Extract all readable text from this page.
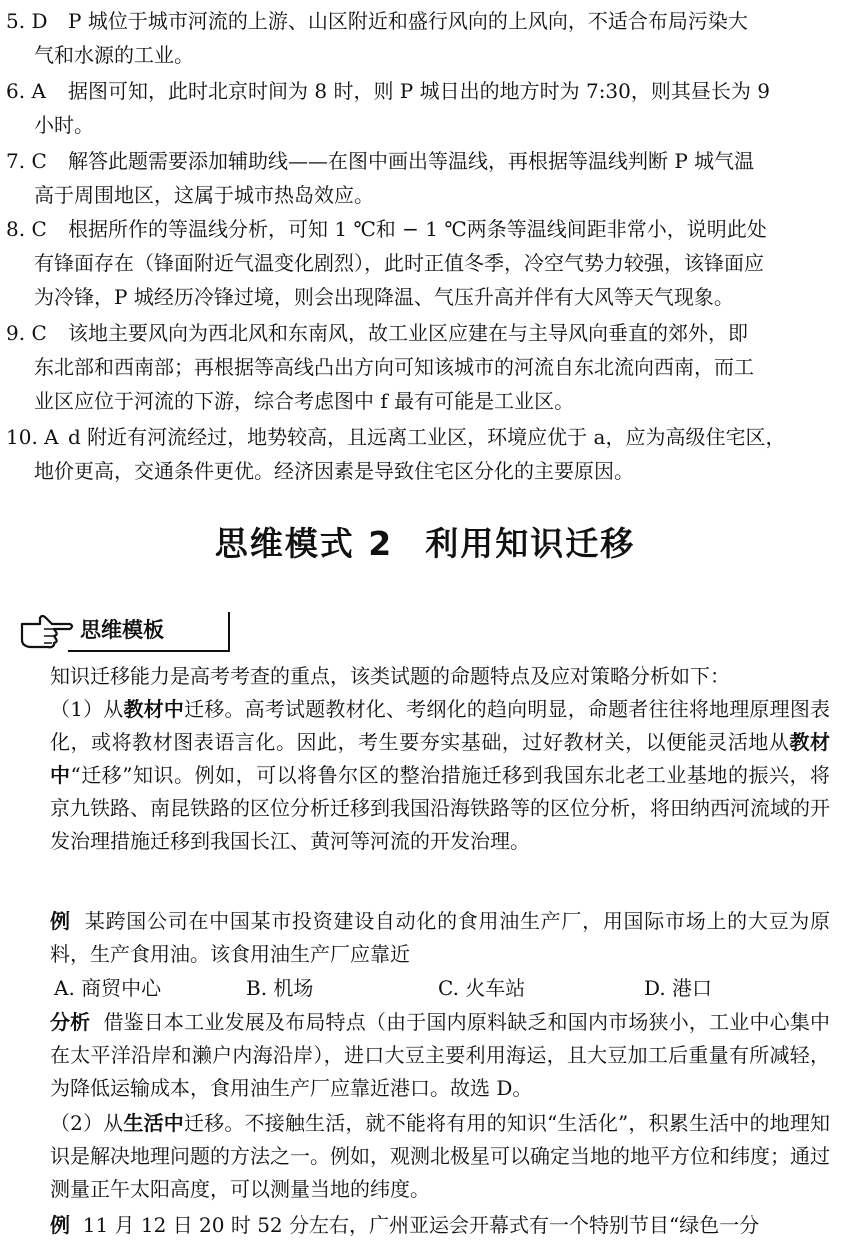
5. D P 城位于城市河流的上游、山区附近和盛行风向的上风向，不适合布局污染大
气和水源的工业。
6. A 据图可知，此时北京时间为 8 时，则 P 城日出的地方时为 7:30，则其昼长为 9
小时。
7. C 解答此题需要添加辅助线——在图中画出等温线，再根据等温线判断 P 城气温
高于周围地区，这属于城市热岛效应。
8. C 根据所作的等温线分析，可知 1 ℃和 − 1 ℃两条等温线间距非常小，说明此处
有锋面存在（锋面附近气温变化剧烈），此时正值冬季，冷空气势力较强，该锋面应
为冷锋，P 城经历冷锋过境，则会出现降温、气压升高并伴有大风等天气现象。
9. C 该地主要风向为西北风和东南风，故工业区应建在与主导风向垂直的郊外，即
东北部和西南部；再根据等高线凸出方向可知该城市的河流自东北流向西南，而工
业区应位于河流的下游，综合考虑图中 f 最有可能是工业区。
10. A d 附近有河流经过，地势较高，且远离工业区，环境应优于 a，应为高级住宅区，
地价更高，交通条件更优。经济因素是导致住宅区分化的主要原因。
思维模式 2 利用知识迁移
思维模板
知识迁移能力是高考考查的重点，该类试题的命题特点及应对策略分析如下：
（1）从教材中迁移。高考试题教材化、考纲化的趋向明显，命题者往往将地理原理图表化，或将教材图表语言化。因此，考生要夯实基础，过好教材关，以便能灵活地从教材中“迁移”知识。例如，可以将鲁尔区的整治措施迁移到我国东北老工业基地的振兴，将京九铁路、南昆铁路的区位分析迁移到我国沿海铁路等的区位分析，将田纳西河流域的开发治理措施迁移到我国长江、黄河等河流的开发治理。
例 某跨国公司在中国某市投资建设自动化的食用油生产厂，用国际市场上的大豆为原料，生产食用油。该食用油生产厂应靠近
A. 商贸中心	B. 机场	C. 火车站	D. 港口
分析 借鉴日本工业发展及布局特点（由于国内原料缺乏和国内市场狭小，工业中心集中在太平洋沿岸和濑户内海沿岸），进口大豆主要利用海运，且大豆加工后重量有所减轻，为降低运输成本，食用油生产厂应靠近港口。故选 D。
（2）从生活中迁移。不接触生活，就不能将有用的知识“生活化”，积累生活中的地理知识是解决地理问题的方法之一。例如，观测北极星可以确定当地的地平方位和纬度；通过测量正午太阳高度，可以测量当地的纬度。
例 11 月 12 日 20 时 52 分左右，广州亚运会开幕式有一个特别节目“绿色一分
